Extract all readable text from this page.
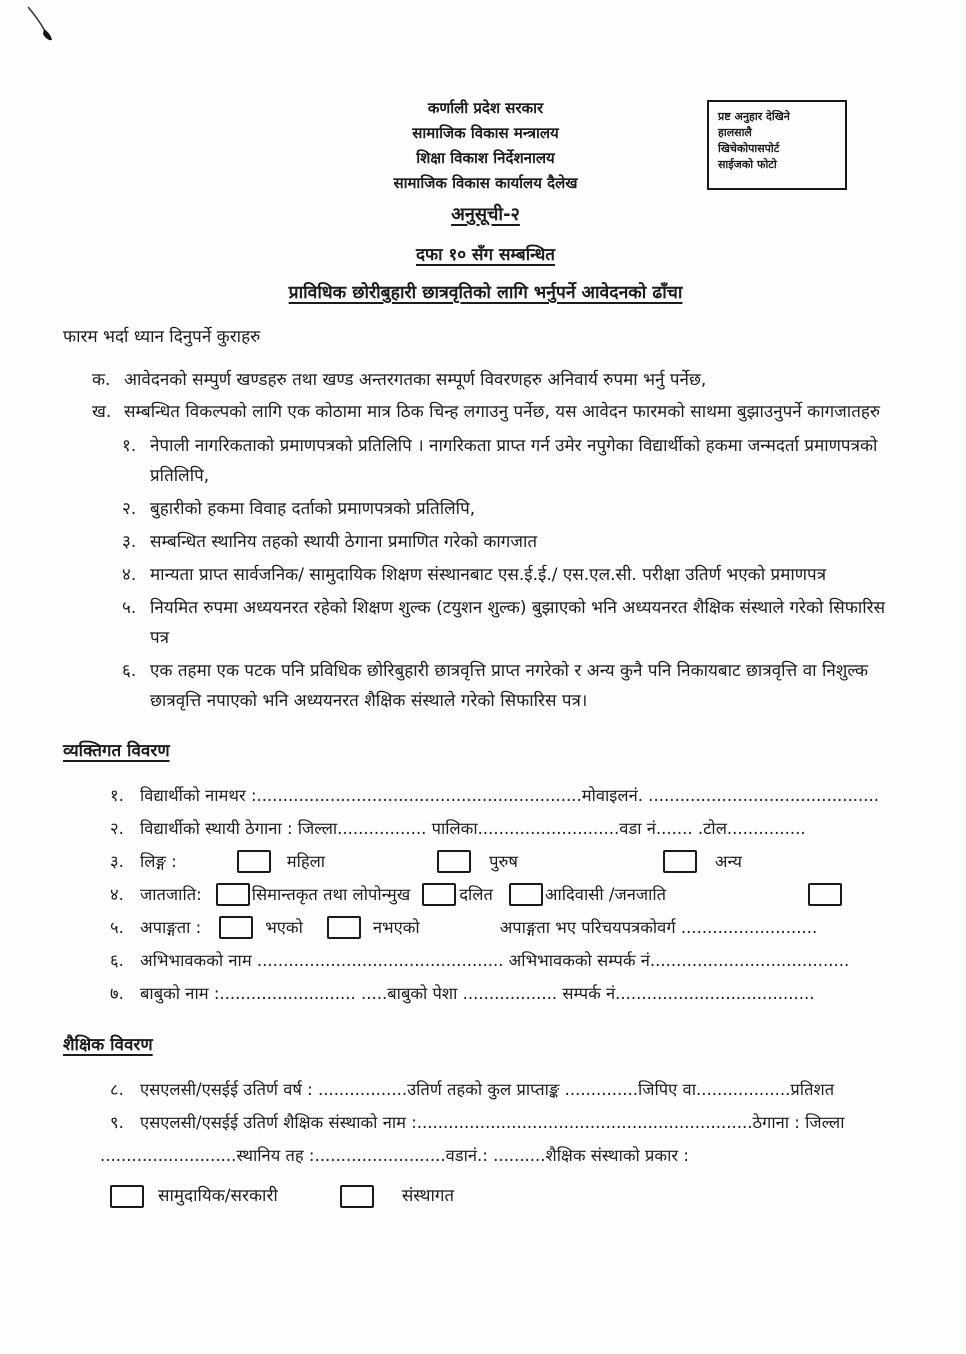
प्रष्ट अनुहार देखिने
हालसालै
खिचेकोपासपोर्ट
साईजको फोटो
कर्णाली प्रदेश सरकार
सामाजिक विकास मन्त्रालय
शिक्षा विकाश निर्देशनालय
सामाजिक विकास कार्यालय दैलेख
अनुसूची-२
दफा १० सँग सम्बन्धित
प्राविधिक छोरीबुहारी छात्रवृतिको लागि भर्नुपर्ने आवेदनको ढाँचा
फारम भर्दा ध्यान दिनुपर्ने कुराहरु
क. आवेदनको सम्पुर्ण खण्डहरु तथा खण्ड अन्तरगतका सम्पूर्ण विवरणहरु अनिवार्य रुपमा भर्नु पर्नेछ,
ख. सम्बन्धित विकल्पको लागि एक कोठामा मात्र ठिक चिन्ह लगाउनु पर्नेछ, यस आवेदन फारमको साथमा बुझाउनुपर्ने कागजातहरु
१. नेपाली नागरिकताको प्रमाणपत्रको प्रतिलिपि । नागरिकता प्राप्त गर्न उमेर नपुगेका विद्यार्थीको हकमा जन्मदर्ता प्रमाणपत्रको प्रतिलिपि,
२. बुहारीको हकमा विवाह दर्ताको प्रमाणपत्रको प्रतिलिपि,
३. सम्बन्धित स्थानिय तहको स्थायी ठेगाना प्रमाणित गरेको कागजात
४. मान्यता प्राप्त सार्वजनिक/ सामुदायिक शिक्षण संस्थानबाट एस.ई.ई./ एस.एल.सी. परीक्षा उतिर्ण भएको प्रमाणपत्र
५. नियमित रुपमा अध्ययनरत रहेको शिक्षण शुल्क (टयुशन शुल्क) बुझाएको भनि अध्ययनरत शैक्षिक संस्थाले गरेको सिफारिस पत्र
६. एक तहमा एक पटक पनि प्रविधिक छोरिबुहारी छात्रवृत्ति प्राप्त नगरेको र अन्य कुनै पनि निकायबाट छात्रवृत्ति वा निशुल्क छात्रवृत्ति नपाएको भनि अध्ययनरत शैक्षिक संस्थाले गरेको सिफारिस पत्र।
व्यक्तिगत विवरण
१. विद्यार्थीको नामथर :..............................................................मोवाइलनं. ............................................
२. विद्यार्थीको स्थायी ठेगाना : जिल्ला................. पालिका...........................वडा नं....... .टोल...............
३. लिङ्ग :	महिला	पुरुष	अन्य
४. जातजाति:	सिमान्तकृत तथा लोपोन्मुख	दलित	आदिवासी /जनजाति
५. अपाङ्गता :	भएको	नभएको	अपाङ्गता भए परिचयपत्रकोवर्ग ..........................
६. अभिभावकको नाम ............................................... अभिभावकको सम्पर्क नं......................................
७. बाबुको नाम :.......................... .....बाबुको पेशा .................. सम्पर्क नं......................................
शैक्षिक विवरण
८. एसएलसी/एसईई उतिर्ण वर्ष : .................उतिर्ण तहको कुल प्राप्ताङ्क ..............जिपिए वा..................प्रतिशत
९. एसएलसी/एसईई उतिर्ण शैक्षिक संस्थाको नाम :................................................................ठेगाना : जिल्ला
..........................स्थानिय तह :.........................वडानं.: ..........शैक्षिक संस्थाको प्रकार :
सामुदायिक/सरकारी	संस्थागत
